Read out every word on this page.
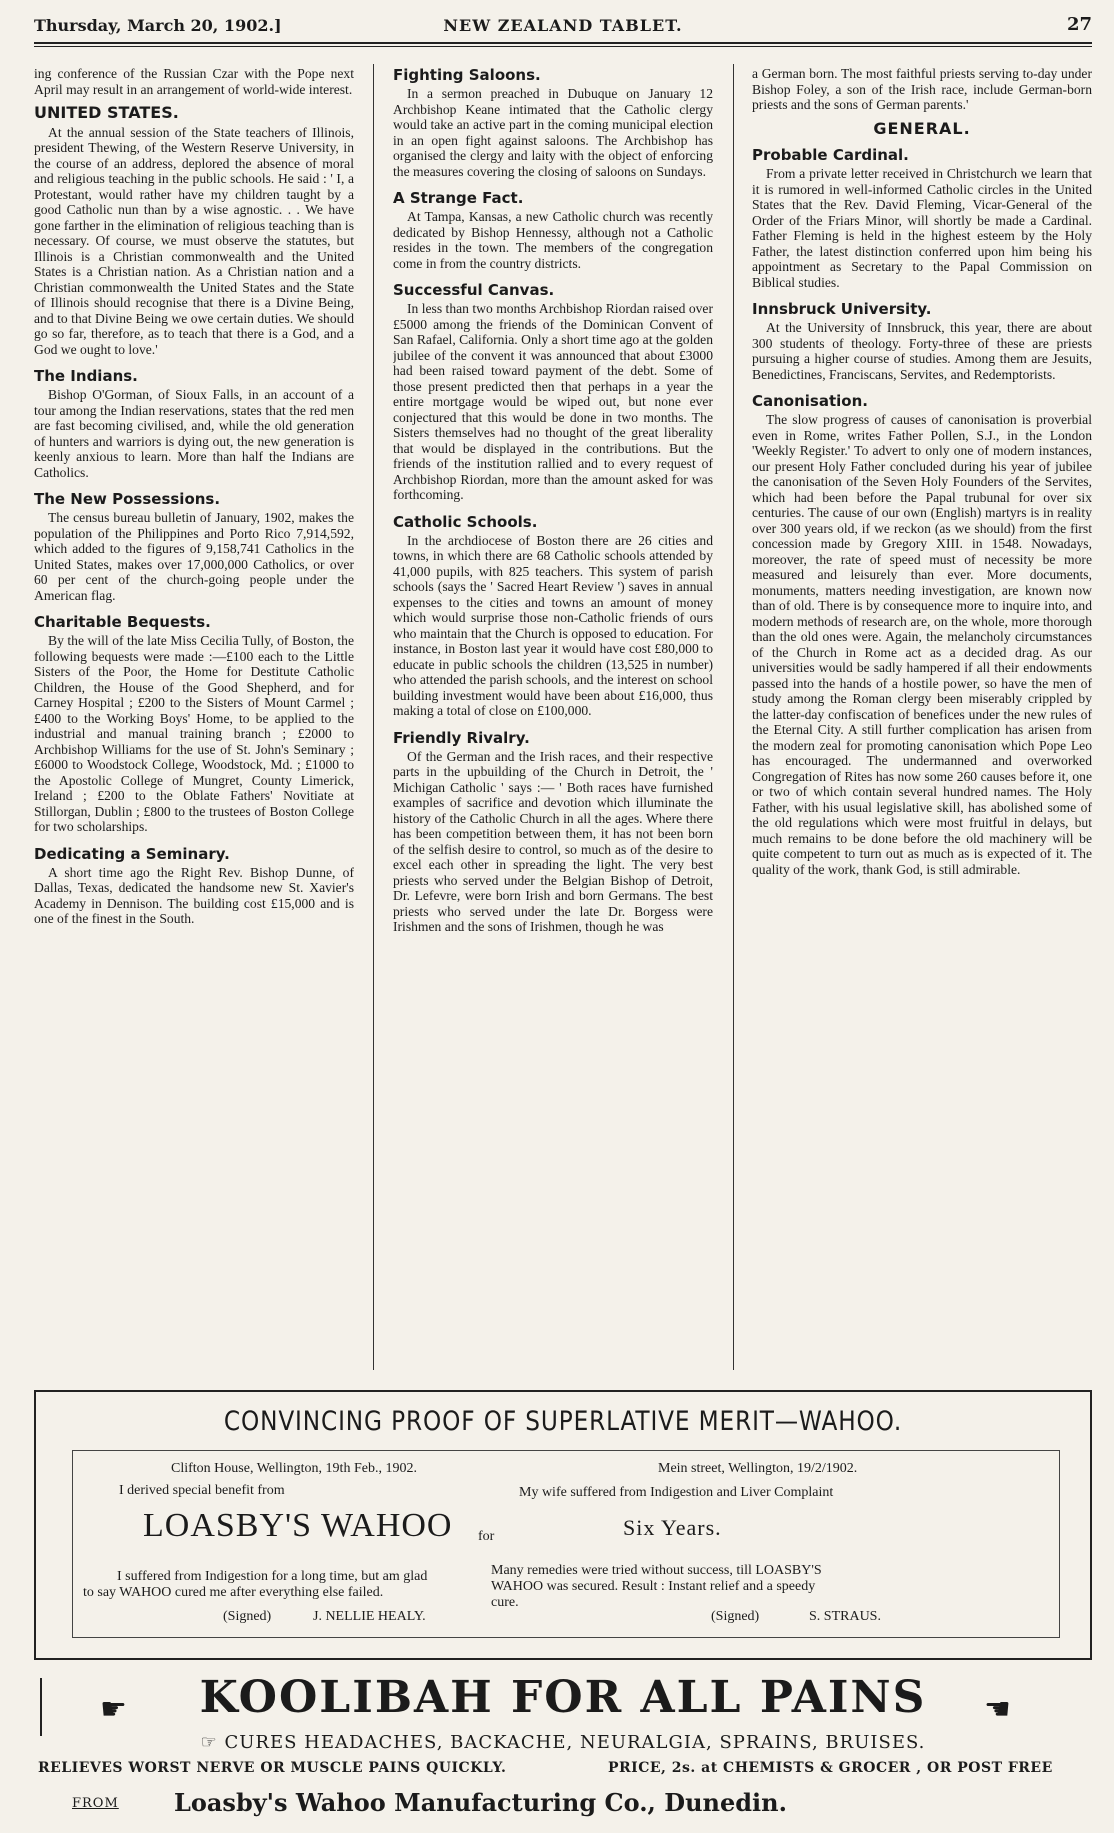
Thursday, March 20, 1902.]	NEW ZEALAND TABLET.	27

ing conference of the Russian Czar with the Pope next April may result in an arrangement of world-wide interest.

UNITED STATES.

At the annual session of the State teachers of Illinois, president Thewing, of the Western Reserve University, in the course of an address, deplored the absence of moral and religious teaching in the public schools. He said : ' I, a Protestant, would rather have my children taught by a good Catholic nun than by a wise agnostic. . . We have gone farther in the elimination of religious teaching than is necessary. Of course, we must observe the statutes, but Illinois is a Christian commonwealth and the United States is a Christian nation. As a Christian nation and a Christian commonwealth the United States and the State of Illinois should recognise that there is a Divine Being, and to that Divine Being we owe certain duties. We should go so far, therefore, as to teach that there is a God, and a God we ought to love.'

The Indians.

Bishop O'Gorman, of Sioux Falls, in an account of a tour among the Indian reservations, states that the red men are fast becoming civilised, and, while the old generation of hunters and warriors is dying out, the new generation is keenly anxious to learn. More than half the Indians are Catholics.

The New Possessions.

The census bureau bulletin of January, 1902, makes the population of the Philippines and Porto Rico 7,914,592, which added to the figures of 9,158,741 Catholics in the United States, makes over 17,000,000 Catholics, or over 60 per cent of the church-going people under the American flag.

Charitable Bequests.

By the will of the late Miss Cecilia Tully, of Boston, the following bequests were made :—£100 each to the Little Sisters of the Poor, the Home for Destitute Catholic Children, the House of the Good Shepherd, and for Carney Hospital ; £200 to the Sisters of Mount Carmel ; £400 to the Working Boys' Home, to be applied to the industrial and manual training branch ; £2000 to Archbishop Williams for the use of St. John's Seminary ; £6000 to Woodstock College, Woodstock, Md. ; £1000 to the Apostolic College of Mungret, County Limerick, Ireland ; £200 to the Oblate Fathers' Novitiate at Stillorgan, Dublin ; £800 to the trustees of Boston College for two scholarships.

Dedicating a Seminary.

A short time ago the Right Rev. Bishop Dunne, of Dallas, Texas, dedicated the handsome new St. Xavier's Academy in Dennison. The building cost £15,000 and is one of the finest in the South.

Fighting Saloons.

In a sermon preached in Dubuque on January 12 Archbishop Keane intimated that the Catholic clergy would take an active part in the coming municipal election in an open fight against saloons. The Archbishop has organised the clergy and laity with the object of enforcing the measures covering the closing of saloons on Sundays.

A Strange Fact.

At Tampa, Kansas, a new Catholic church was recently dedicated by Bishop Hennessy, although not a Catholic resides in the town. The members of the congregation come in from the country districts.

Successful Canvas.

In less than two months Archbishop Riordan raised over £5000 among the friends of the Dominican Convent of San Rafael, California. Only a short time ago at the golden jubilee of the convent it was announced that about £3000 had been raised toward payment of the debt. Some of those present predicted then that perhaps in a year the entire mortgage would be wiped out, but none ever conjectured that this would be done in two months. The Sisters themselves had no thought of the great liberality that would be displayed in the contributions. But the friends of the institution rallied and to every request of Archbishop Riordan, more than the amount asked for was forthcoming.

Catholic Schools.

In the archdiocese of Boston there are 26 cities and towns, in which there are 68 Catholic schools attended by 41,000 pupils, with 825 teachers. This system of parish schools (says the ' Sacred Heart Review ') saves in annual expenses to the cities and towns an amount of money which would surprise those non-Catholic friends of ours who maintain that the Church is opposed to education. For instance, in Boston last year it would have cost £80,000 to educate in public schools the children (13,525 in number) who attended the parish schools, and the interest on school building investment would have been about £16,000, thus making a total of close on £100,000.

Friendly Rivalry.

Of the German and the Irish races, and their respective parts in the upbuilding of the Church in Detroit, the ' Michigan Catholic ' says :— ' Both races have furnished examples of sacrifice and devotion which illuminate the history of the Catholic Church in all the ages. Where there has been competition between them, it has not been born of the selfish desire to control, so much as of the desire to excel each other in spreading the light. The very best priests who served under the Belgian Bishop of Detroit, Dr. Lefevre, were born Irish and born Germans. The best priests who served under the late Dr. Borgess were Irishmen and the sons of Irishmen, though he was

a German born. The most faithful priests serving to-day under Bishop Foley, a son of the Irish race, include German-born priests and the sons of German parents.'

GENERAL.
Probable Cardinal.

From a private letter received in Christchurch we learn that it is rumored in well-informed Catholic circles in the United States that the Rev. David Fleming, Vicar-General of the Order of the Friars Minor, will shortly be made a Cardinal. Father Fleming is held in the highest esteem by the Holy Father, the latest distinction conferred upon him being his appointment as Secretary to the Papal Commission on Biblical studies.

Innsbruck University.

At the University of Innsbruck, this year, there are about 300 students of theology. Forty-three of these are priests pursuing a higher course of studies. Among them are Jesuits, Benedictines, Franciscans, Servites, and Redemptorists.

Canonisation.

The slow progress of causes of canonisation is proverbial even in Rome, writes Father Pollen, S.J., in the London 'Weekly Register.' To advert to only one of modern instances, our present Holy Father concluded during his year of jubilee the canonisation of the Seven Holy Founders of the Servites, which had been before the Papal trubunal for over six centuries. The cause of our own (English) martyrs is in reality over 300 years old, if we reckon (as we should) from the first concession made by Gregory XIII. in 1548. Nowadays, moreover, the rate of speed must of necessity be more measured and leisurely than ever. More documents, monuments, matters needing investigation, are known now than of old. There is by consequence more to inquire into, and modern methods of research are, on the whole, more thorough than the old ones were. Again, the melancholy circumstances of the Church in Rome act as a decided drag. As our universities would be sadly hampered if all their endowments passed into the hands of a hostile power, so have the men of study among the Roman clergy been miserably crippled by the latter-day confiscation of benefices under the new rules of the Eternal City. A still further complication has arisen from the modern zeal for promoting canonisation which Pope Leo has encouraged. The undermanned and overworked Congregation of Rites has now some 260 causes before it, one or two of which contain several hundred names. The Holy Father, with his usual legislative skill, has abolished some of the old regulations which were most fruitful in delays, but much remains to be done before the old machinery will be quite competent to turn out as much as is expected of it. The quality of the work, thank God, is still admirable.

CONVINCING PROOF OF SUPERLATIVE MERIT—WAHOO.
Clifton House, Wellington, 19th Feb., 1902.
I derived special benefit from
LOASBY'S WAHOO for
I suffered from Indigestion for a long time, but am glad
to say WAHOO cured me after everything else failed.
(Signed)	J. NELLIE HEALY.
Mein street, Wellington, 19/2/1902.
My wife suffered from Indigestion and Liver Complaint
Six Years.
Many remedies were tried without success, till LOASBY'S
WAHOO was secured. Result : Instant relief and a speedy
cure.
(Signed)	S. STRAUS.
☛	KOOLIBAH FOR ALL PAINS	☚
☞ CURES HEADACHES, BACKACHE, NEURALGIA, SPRAINS, BRUISES.
RELIEVES WORST NERVE OR MUSCLE PAINS QUICKLY.	PRICE, 2s. at CHEMISTS & GROCER , OR POST FREE
FROM Loasby's Wahoo Manufacturing Co., Dunedin.
